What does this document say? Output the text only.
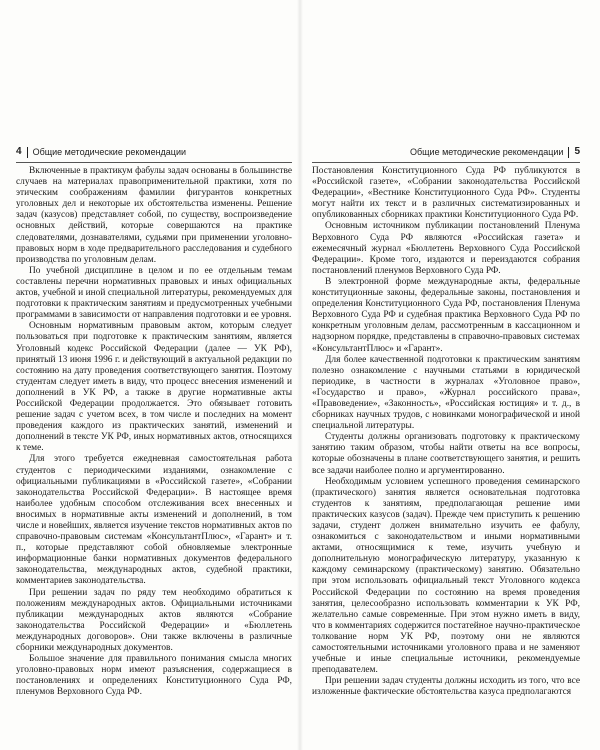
4 Общие методические рекомендации

Включенные в практикум фабулы задач основаны в большинстве случаев на материалах правоприменительной практики, хотя по этическим соображениям фамилии фигурантов конкретных уголовных дел и некоторые их обстоятельства изменены. Решение задач (казусов) представляет собой, по существу, воспроизведение основных действий, которые совершаются на практике следователями, дознавателями, судьями при применении уголовно-правовых норм в ходе предварительного расследования и судебного производства по уголовным делам.

По учебной дисциплине в целом и по ее отдельным темам составлены перечни нормативных правовых и иных официальных актов, учебной и иной специальной литературы, рекомендуемых для подготовки к практическим занятиям и предусмотренных учебными программами в зависимости от направления подготовки и ее уровня.

Основным нормативным правовым актом, которым следует пользоваться при подготовке к практическим занятиям, является Уголовный кодекс Российской Федерации (далее — УК РФ), принятый 13 июня 1996 г. и действующий в актуальной редакции по состоянию на дату проведения соответствующего занятия. Поэтому студентам следует иметь в виду, что процесс внесения изменений и дополнений в УК РФ, а также в другие нормативные акты Российской Федерации продолжается. Это обязывает готовить решение задач с учетом всех, в том числе и последних на момент проведения каждого из практических занятий, изменений и дополнений в тексте УК РФ, иных нормативных актов, относящихся к теме.

Для этого требуется ежедневная самостоятельная работа студентов с периодическими изданиями, ознакомление с официальными публикациями в «Российской газете», «Собрании законодательства Российской Федерации». В настоящее время наиболее удобным способом отслеживания всех внесенных и вносимых в нормативные акты изменений и дополнений, в том числе и новейших, является изучение текстов нормативных актов по справочно-правовым системам «КонсультантПлюс», «Гарант» и т. п., которые представляют собой обновляемые электронные информационные банки нормативных документов федерального законодательства, международных актов, судебной практики, комментариев законодательства.

При решении задач по ряду тем необходимо обратиться к положениям международных актов. Официальными источниками публикации международных актов являются «Собрание законодательства Российской Федерации» и «Бюллетень международных договоров». Они также включены в различные сборники международных документов.

Большое значение для правильного понимания смысла многих уголовно-правовых норм имеют разъяснения, содержащиеся в постановлениях и определениях Конституционного Суда РФ, пленумов Верховного Суда РФ.

Общие методические рекомендации 5

Постановления Конституционного Суда РФ публикуются в «Российской газете», «Собрании законодательства Российской Федерации», «Вестнике Конституционного Суда РФ». Студенты могут найти их текст и в различных систематизированных и опубликованных сборниках практики Конституционного Суда РФ.

Основным источником публикации постановлений Пленума Верховного Суда РФ являются «Российская газета» и ежемесячный журнал «Бюллетень Верховного Суда Российской Федерации». Кроме того, издаются и переиздаются собрания постановлений пленумов Верховного Суда РФ.

В электронной форме международные акты, федеральные конституционные законы, федеральные законы, постановления и определения Конституционного Суда РФ, постановления Пленума Верховного Суда РФ и судебная практика Верховного Суда РФ по конкретным уголовным делам, рассмотренным в кассационном и надзорном порядке, представлены в справочно-правовых системах «КонсультантПлюс» и «Гарант».

Для более качественной подготовки к практическим занятиям полезно ознакомление с научными статьями в юридической периодике, в частности в журналах «Уголовное право», «Государство и право», «Журнал российского права», «Правоведение», «Законность», «Российская юстиция» и т. д., в сборниках научных трудов, с новинками монографической и иной специальной литературы.

Студенты должны организовать подготовку к практическому занятию таким образом, чтобы найти ответы на все вопросы, которые обозначены в плане соответствующего занятия, и решить все задачи наиболее полно и аргументированно.

Необходимым условием успешного проведения семинарского (практического) занятия является основательная подготовка студентов к занятиям, предполагающая решение ими практических казусов (задач). Прежде чем приступить к решению задачи, студент должен внимательно изучить ее фабулу, ознакомиться с законодательством и иными нормативными актами, относящимися к теме, изучить учебную и дополнительную монографическую литературу, указанную к каждому семинарскому (практическому) занятию. Обязательно при этом использовать официальный текст Уголовного кодекса Российской Федерации по состоянию на время проведения занятия, целесообразно использовать комментарии к УК РФ, желательно самые современные. При этом нужно иметь в виду, что в комментариях содержится постатейное научно-практическое толкование норм УК РФ, поэтому они не являются самостоятельными источниками уголовного права и не заменяют учебные и иные специальные источники, рекомендуемые преподавателем.

При решении задач студенты должны исходить из того, что все изложенные фактические обстоятельства казуса предполагаются
